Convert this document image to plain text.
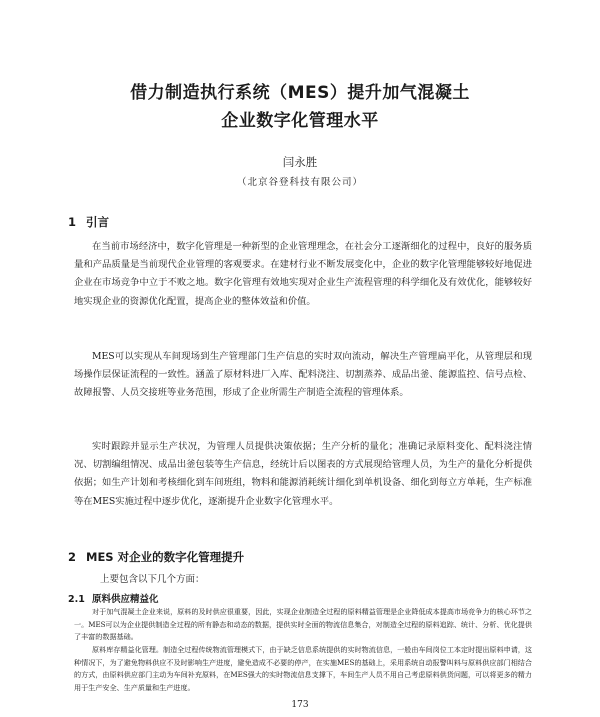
借力制造执行系统（MES）提升加气混凝土
企业数字化管理水平
闫永胜
（北京谷登科技有限公司）
1 引言

在当前市场经济中，数字化管理是一种新型的企业管理理念，在社会分工逐渐细化的过程中，良好的服务质量和产品质量是当前现代企业管理的客观要求。在建材行业不断发展变化中，企业的数字化管理能够较好地促进企业在市场竞争中立于不败之地。数字化管理有效地实现对企业生产流程管理的科学细化及有效优化，能够较好地实现企业的资源优化配置，提高企业的整体效益和价值。

MES可以实现从车间现场到生产管理部门生产信息的实时双向流动，解决生产管理扁平化，从管理层和现场操作层保证流程的一致性。涵盖了原材料进厂入库、配料浇注、切割蒸养、成品出釜、能源监控、信号点检、故障报警、人员交接班等业务范围，形成了企业所需生产制造全流程的管理体系。

实时跟踪并显示生产状况，为管理人员提供决策依据；生产分析的量化；准确记录原料变化、配料浇注情况、切割编组情况、成品出釜包装等生产信息，经统计后以图表的方式展现给管理人员，为生产的量化分析提供依据；如生产计划和考核细化到车间班组，物料和能源消耗统计细化到单机设备、细化到每立方单耗，生产标准等在MES实施过程中逐步优化，逐渐提升企业数字化管理水平。

2 MES 对企业的数字化管理提升

上要包含以下几个方面：

2.1 原料供应精益化

对于加气混凝土企业来说，原料的及时供应很重要，因此，实现企业制造全过程的原料精益管理是企业降低成本提高市场竞争力的核心环节之一。MES可以为企业提供制造全过程的所有静态和动态的数据，提供实时全面的物流信息集合，对制造全过程的原料追踪、统计、分析、优化提供了丰富的数据基础。

原料库存精益化管理。制造全过程传统物流管理模式下，由于缺乏信息系统提供的实时物流信息，一般由车间岗位工本定时提出原料申请，这种情况下，为了避免物料供应不及时影响生产进度，避免造成不必要的停产，在实施MES的基础上，采用系统自动报警叫料与原料供应部门相结合的方式，由原料供应部门主动为车间补充原料，在MES强大的实时物流信息支撑下，车间生产人员不用自己考虑原料供货问题，可以将更多的精力用于生产安全、生产质量和生产进度。

173
